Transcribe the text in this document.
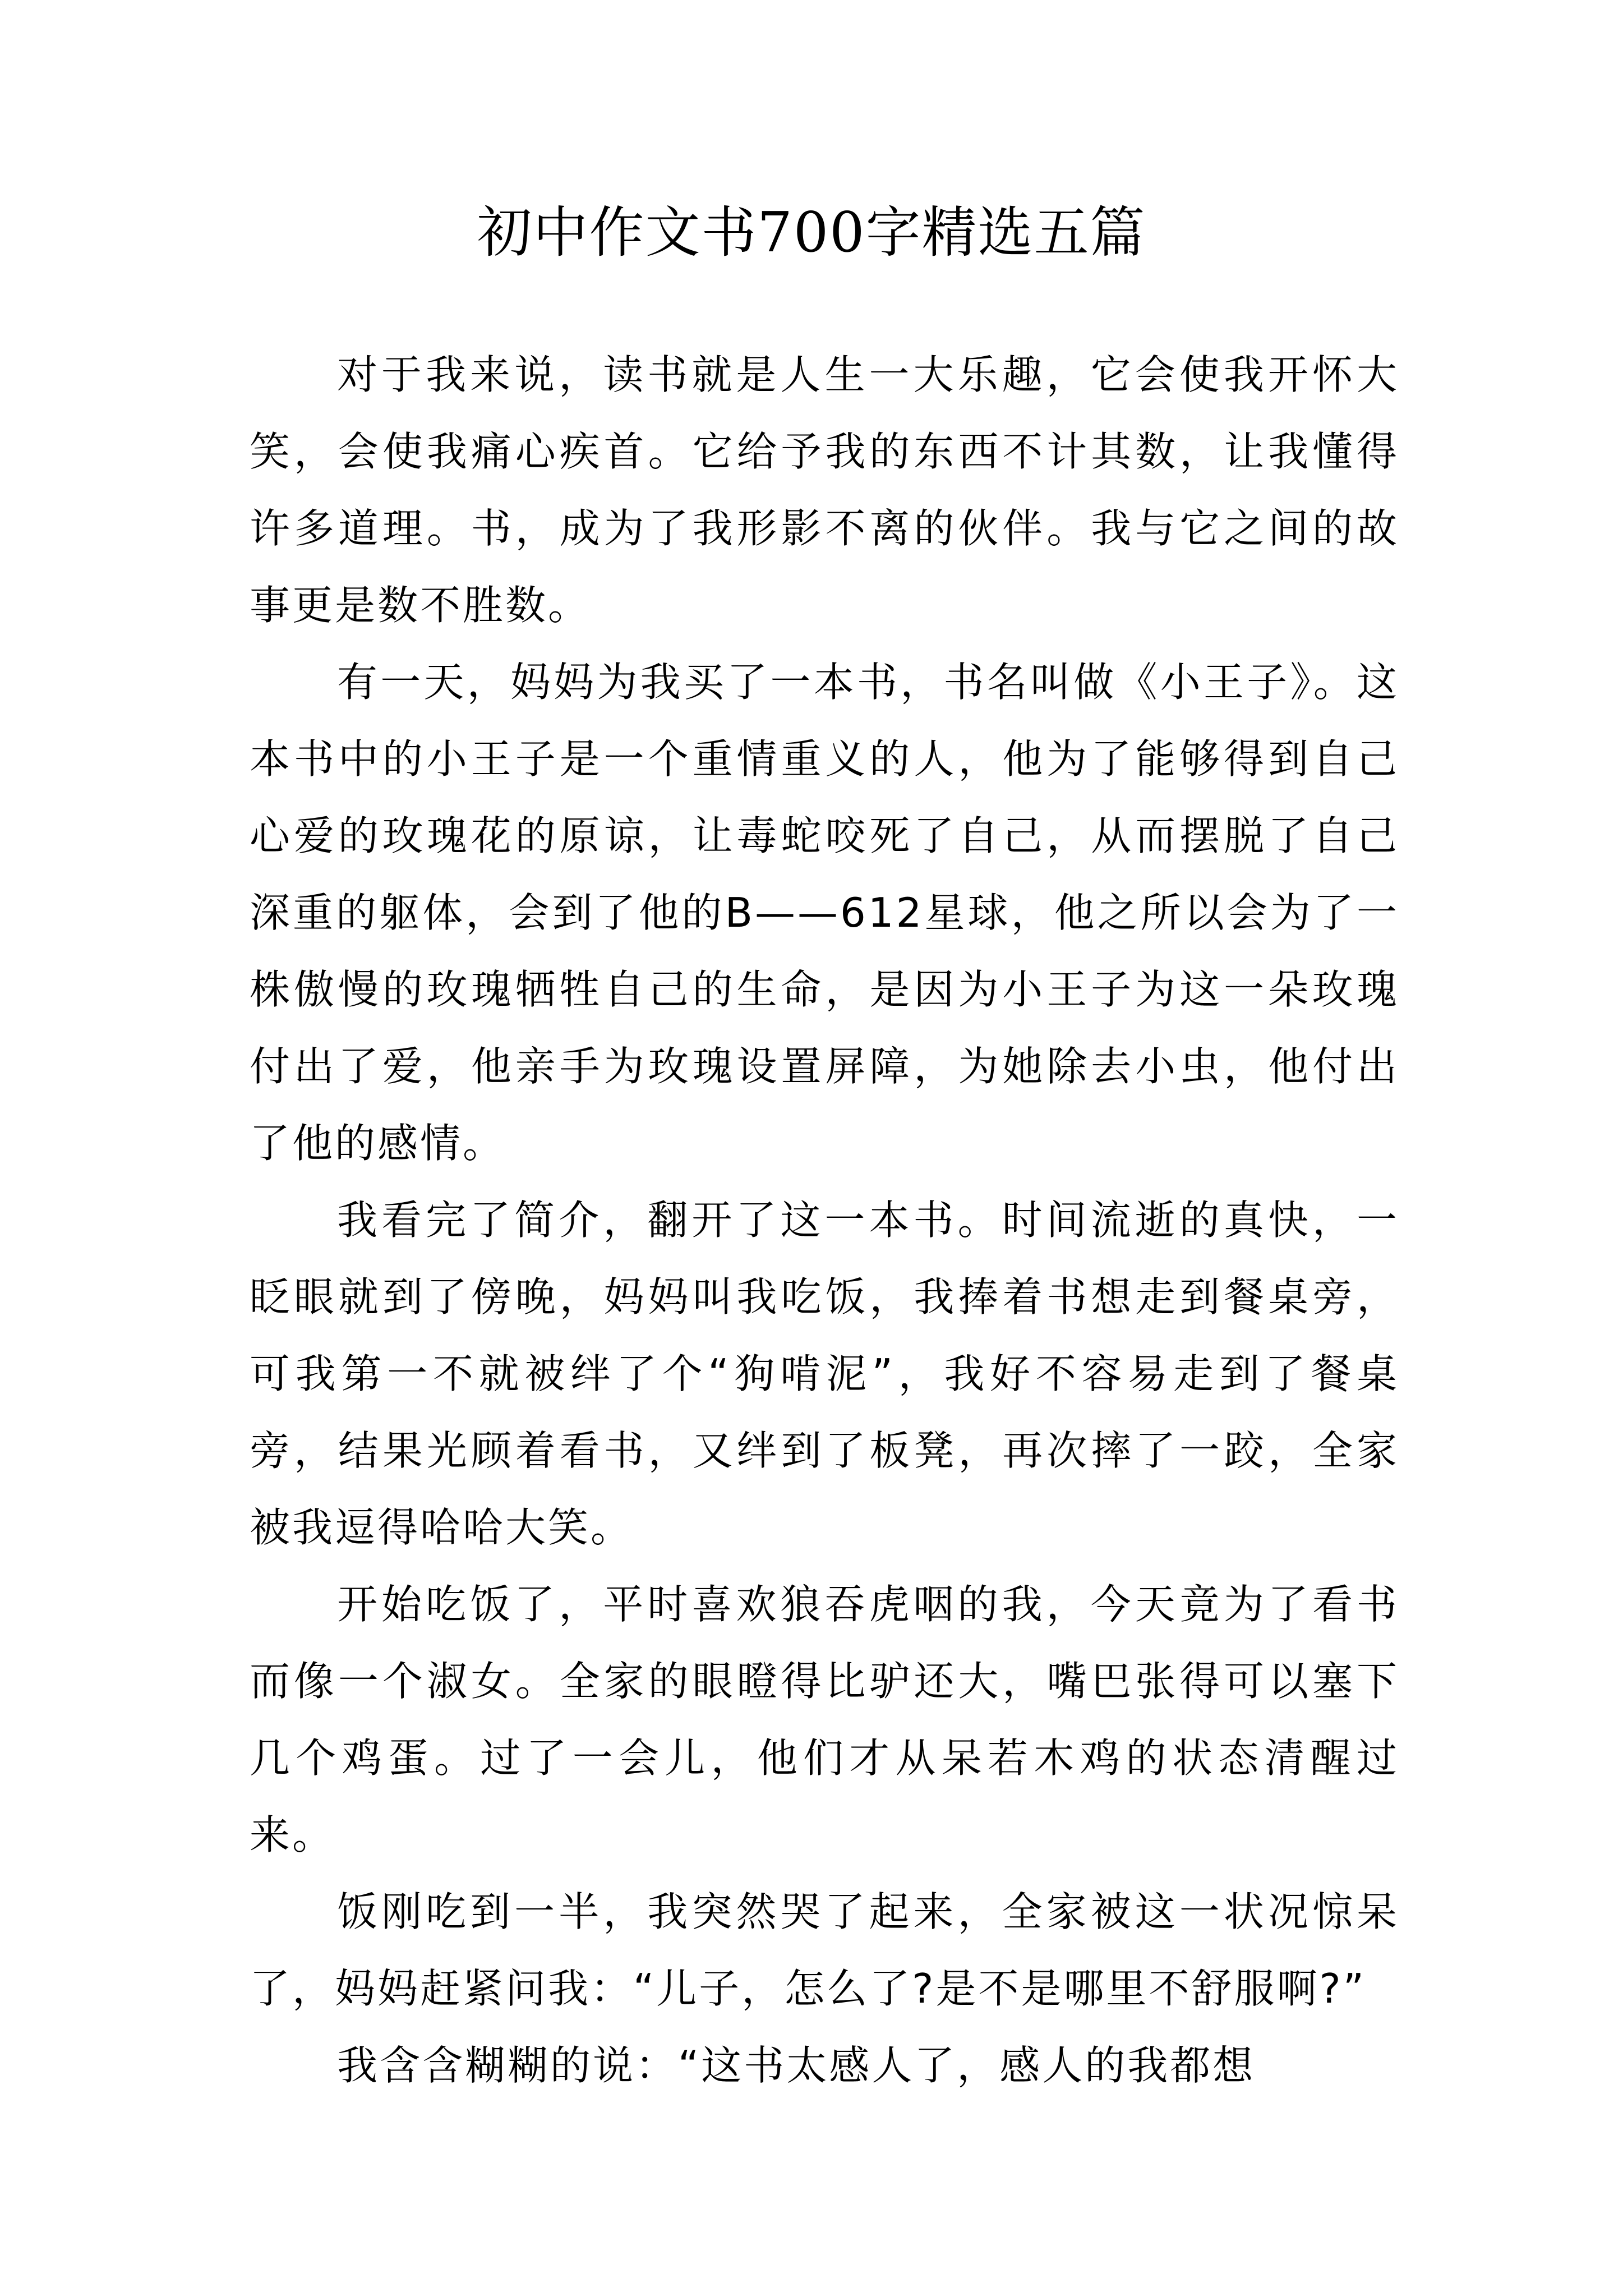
初中作文书700字精选五篇

对于我来说，读书就是人生一大乐趣，它会使我开怀大笑，会使我痛心疾首。它给予我的东西不计其数，让我懂得许多道理。书，成为了我形影不离的伙伴。我与它之间的故事更是数不胜数。

有一天，妈妈为我买了一本书，书名叫做《小王子》。这本书中的小王子是一个重情重义的人，他为了能够得到自己心爱的玫瑰花的原谅，让毒蛇咬死了自己，从而摆脱了自己深重的躯体，会到了他的B——612星球，他之所以会为了一株傲慢的玫瑰牺牲自己的生命，是因为小王子为这一朵玫瑰付出了爱，他亲手为玫瑰设置屏障，为她除去小虫，他付出了他的感情。

我看完了简介，翻开了这一本书。时间流逝的真快，一眨眼就到了傍晚，妈妈叫我吃饭，我捧着书想走到餐桌旁，可我第一不就被绊了个“狗啃泥”，我好不容易走到了餐桌旁，结果光顾着看书，又绊到了板凳，再次摔了一跤，全家被我逗得哈哈大笑。

开始吃饭了，平时喜欢狼吞虎咽的我，今天竟为了看书而像一个淑女。全家的眼瞪得比驴还大，嘴巴张得可以塞下几个鸡蛋。过了一会儿，他们才从呆若木鸡的状态清醒过来。

饭刚吃到一半，我突然哭了起来，全家被这一状况惊呆了，妈妈赶紧问我：“儿子，怎么了?是不是哪里不舒服啊?”

我含含糊糊的说：“这书太感人了，感人的我都想
